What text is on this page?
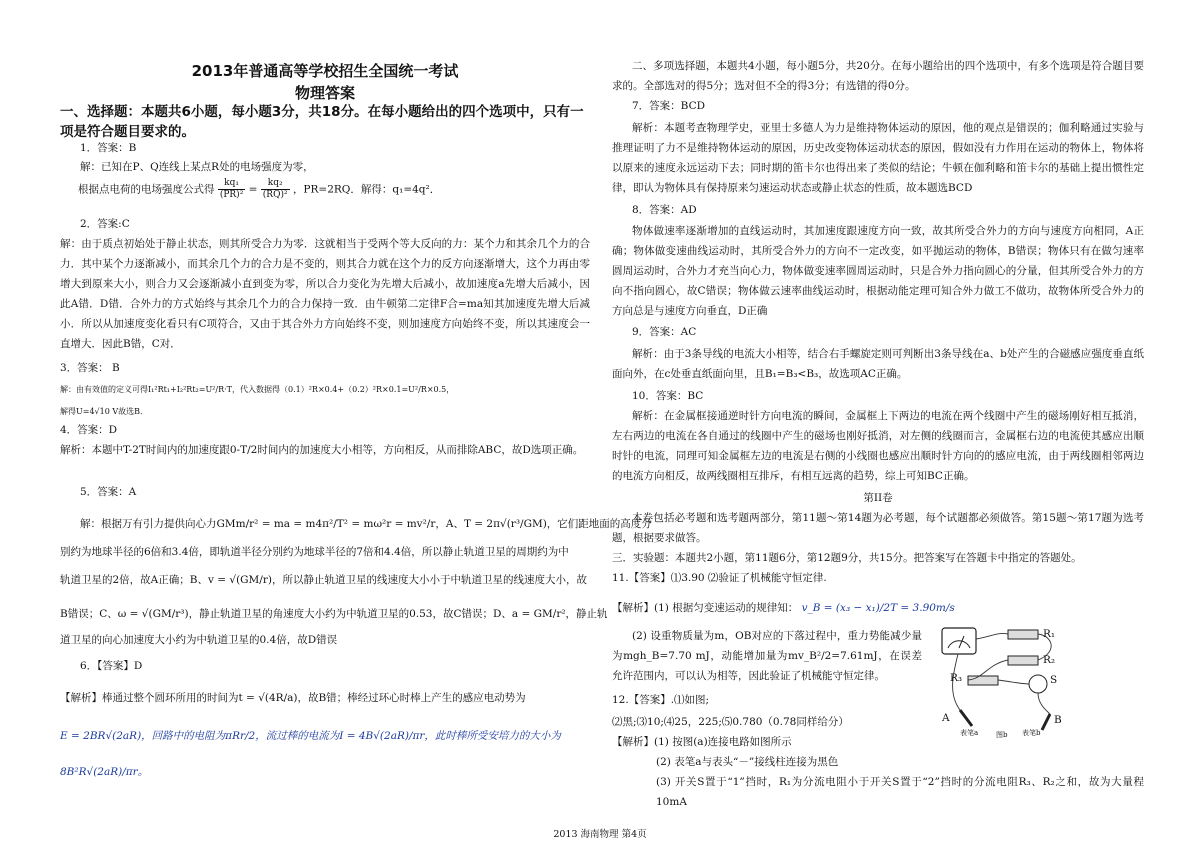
2013年普通高等学校招生全国统一考试
物理答案
一、选择题：本题共6小题，每小题3分，共18分。在每小题给出的四个选项中，只有一项是符合题目要求的。

1．答案：B

解：已知在P、Q连线上某点R处的电场强度为零，

根据点电荷的电场强度公式得 $\frac{\text{kq₁}}{\text{(PR)²}} = \frac{\text{kq₂}}{\text{(RQ)²}}$ ，PR=2RQ．解得：q₁=4q²．

2．答案:C

解：由于质点初始处于静止状态，则其所受合力为零．这就相当于受两个等大反向的力：某个力和其余几个力的合力．其中某个力逐渐减小，而其余几个力的合力是不变的，则其合力就在这个力的反方向逐渐增大，这个力再由零增大到原来大小，则合力又会逐渐减小直到变为零，所以合力变化为先增大后减小，故加速度a先增大后减小，因此A错．D错．合外力的方式始终与其余几个力的合力保持一致．由牛顿第二定律F合=ma知其加速度先增大后减小．所以从加速度变化看只有C项符合，又由于其合外力方向始终不变，则加速度方向始终不变，所以其速度会一直增大．因此B错，C对．

3．答案： B

解：由有效值的定义可得I₁²Rt₁+I₂²Rt₂=U²/R·T，代入数据得（0.1）²R×0.4+（0.2）²R×0.1=U²/R×0.5，

解得U=4√10 V故选B．

4．答案：D

解析：本题中T-2T时间内的加速度跟0-T/2时间内的加速度大小相等，方向相反，从而排除ABC，故D选项正确。

5．答案：A

解：根据万有引力提供向心力GMm/r² = ma = m4π²/T² = mω²r = mv²/r，A、T = 2π√(r³/GM)，它们距地面的高度分

别约为地球半径的6倍和3.4倍，即轨道半径分别约为地球半径的7倍和4.4倍，所以静止轨道卫星的周期约为中

轨道卫星的2倍，故A正确；B、v = √(GM/r)，所以静止轨道卫星的线速度大小小于中轨道卫星的线速度大小，故

B错误；C、ω = √(GM/r³)，静止轨道卫星的角速度大小约为中轨道卫星的0.53，故C错误；D、a = GM/r²，静止轨

道卫星的向心加速度大小约为中轨道卫星的0.4倍，故D错误

6．【答案】D

【解析】棒通过整个圆环所用的时间为t = √(4R/a)，故B错；棒经过环心时棒上产生的感应电动势为

E = 2BR√(2aR)，回路中的电阻为πRr/2，流过棒的电流为I = 4B√(2aR)/πr，此时棒所受安培力的大小为

8B²R√(2aR)/πr。

二、多项选择题，本题共4小题，每小题5分，共20分。在每小题给出的四个选项中，有多个选项是符合题目要求的。全部选对的得5分；选对但不全的得3分；有选错的得0分。

7．答案：BCD

解析：本题考查物理学史，亚里士多德人为力是维持物体运动的原因，他的观点是错误的；伽利略通过实验与推理证明了力不是维持物体运动的原因，历史改变物体运动状态的原因，假如没有力作用在运动的物体上，物体将以原来的速度永远运动下去；同时期的笛卡尔也得出来了类似的结论；牛顿在伽利略和笛卡尔的基础上提出惯性定律，即认为物体具有保持原来匀速运动状态或静止状态的性质，故本题选BCD

8．答案：AD

物体做速率逐渐增加的直线运动时，其加速度跟速度方向一致，故其所受合外力的方向与速度方向相同，A正确；物体做变速曲线运动时，其所受合外力的方向不一定改变，如平抛运动的物体，B错误；物体只有在做匀速率圆周运动时，合外力才充当向心力，物体做变速率圆周运动时，只是合外力指向圆心的分量，但其所受合外力的方向不指向圆心，故C错误；物体做云速率曲线运动时，根据动能定理可知合外力做工不做功，故物体所受合外力的方向总是与速度方向垂直，D正确

9．答案：AC

解析：由于3条导线的电流大小相等，结合右手螺旋定则可判断出3条导线在a、b处产生的合磁感应强度垂直纸面向外，在c处垂直纸面向里，且B₁=B₃<B₃，故选项AC正确。

10．答案：BC

解析：在金属框接通逆时针方向电流的瞬间，金属框上下两边的电流在两个线圈中产生的磁场刚好相互抵消，左右两边的电流在各自通过的线圈中产生的磁场也刚好抵消，对左侧的线圈而言，金属框右边的电流使其感应出顺时针的电流，同理可知金属框左边的电流是右侧的小线圈也感应出顺时针方向的的感应电流，由于两线圈相邻两边的电流方向相反，故两线圈相互排斥，有相互远离的趋势，综上可知BC正确。

第II卷

本卷包括必考题和选考题两部分，第11题～第14题为必考题，每个试题都必须做答。第15题～第17题为选考题，根据要求做答。

三．实验题：本题共2小题，第11题6分，第12题9分，共15分。把答案写在答题卡中指定的答题处。

11.【答案】⑴3.90 ⑵验证了机械能守恒定律.

【解析】(1) 根据匀变速运动的规律知： v_B = (x₃ − x₁)/2T = 3.90m/s

(2) 设重物质量为m，OB对应的下落过程中，重力势能减少量为mgh_B=7.70 mJ，动能增加量为mv_B²/2=7.61mJ，在误差允许范围内，可以认为相等，因此验证了机械能守恒定律。

12.【答案】.⑴如图;

⑵黑;⑶10;⑷25，225;⑸0.780（0.78同样给分）

【解析】(1) 按图(a)连接电路如图所示

(2) 表笔a与表头“－”接线柱连接为黑色

(3) 开关S置于“1”挡时，R₁为分流电阻小于开关S置于“2”挡时的分流电阻R₃、R₂之和，故为大量程10mA

R₁
R₂
R₃	S
A	B
表笔a	表笔b
图b
2013 海南物理 第4页
